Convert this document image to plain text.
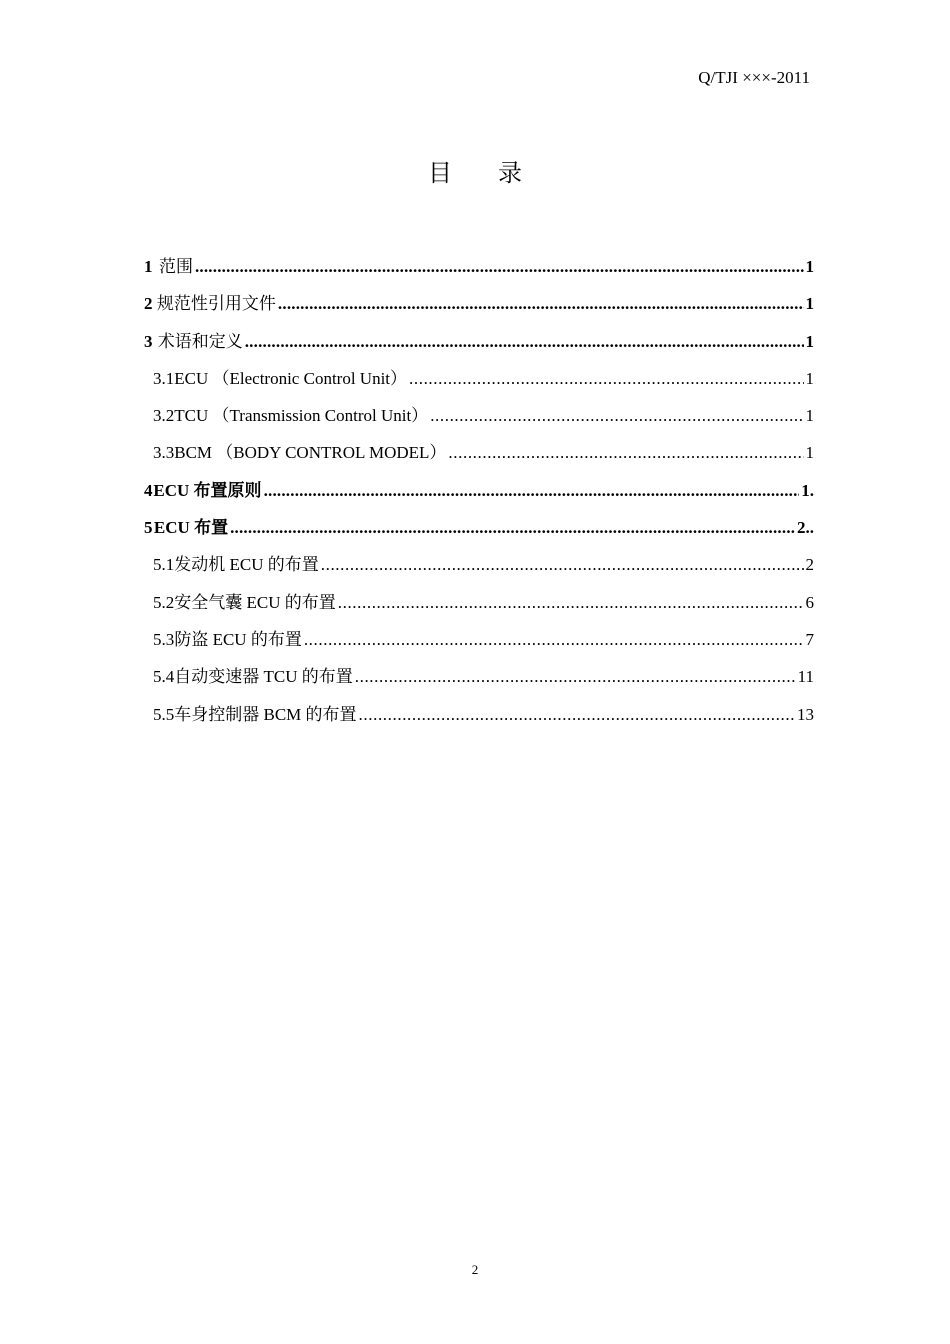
Q/TJI ×××-2011
目录
1 范围 .....	1
2 规范性引用文件 .....	1
3 术语和定义 .....	1
3.1 ECU （Electronic Control Unit） .....	1
3.2 TCU （Transmission Control Unit） .....	1
3.3 BCM （BODY CONTROL MODEL） .....	1
4 ECU 布置原则 .....	1.
5 ECU 布置 .....	2..
5.1 发动机 ECU 的布置 .....	2
5.2 安全气囊 ECU 的布置 .....	6
5.3 防盗 ECU 的布置 .....	7
5.4 自动变速器 TCU 的布置 .....	11
5.5 车身控制器 BCM 的布置 .....	13
2
